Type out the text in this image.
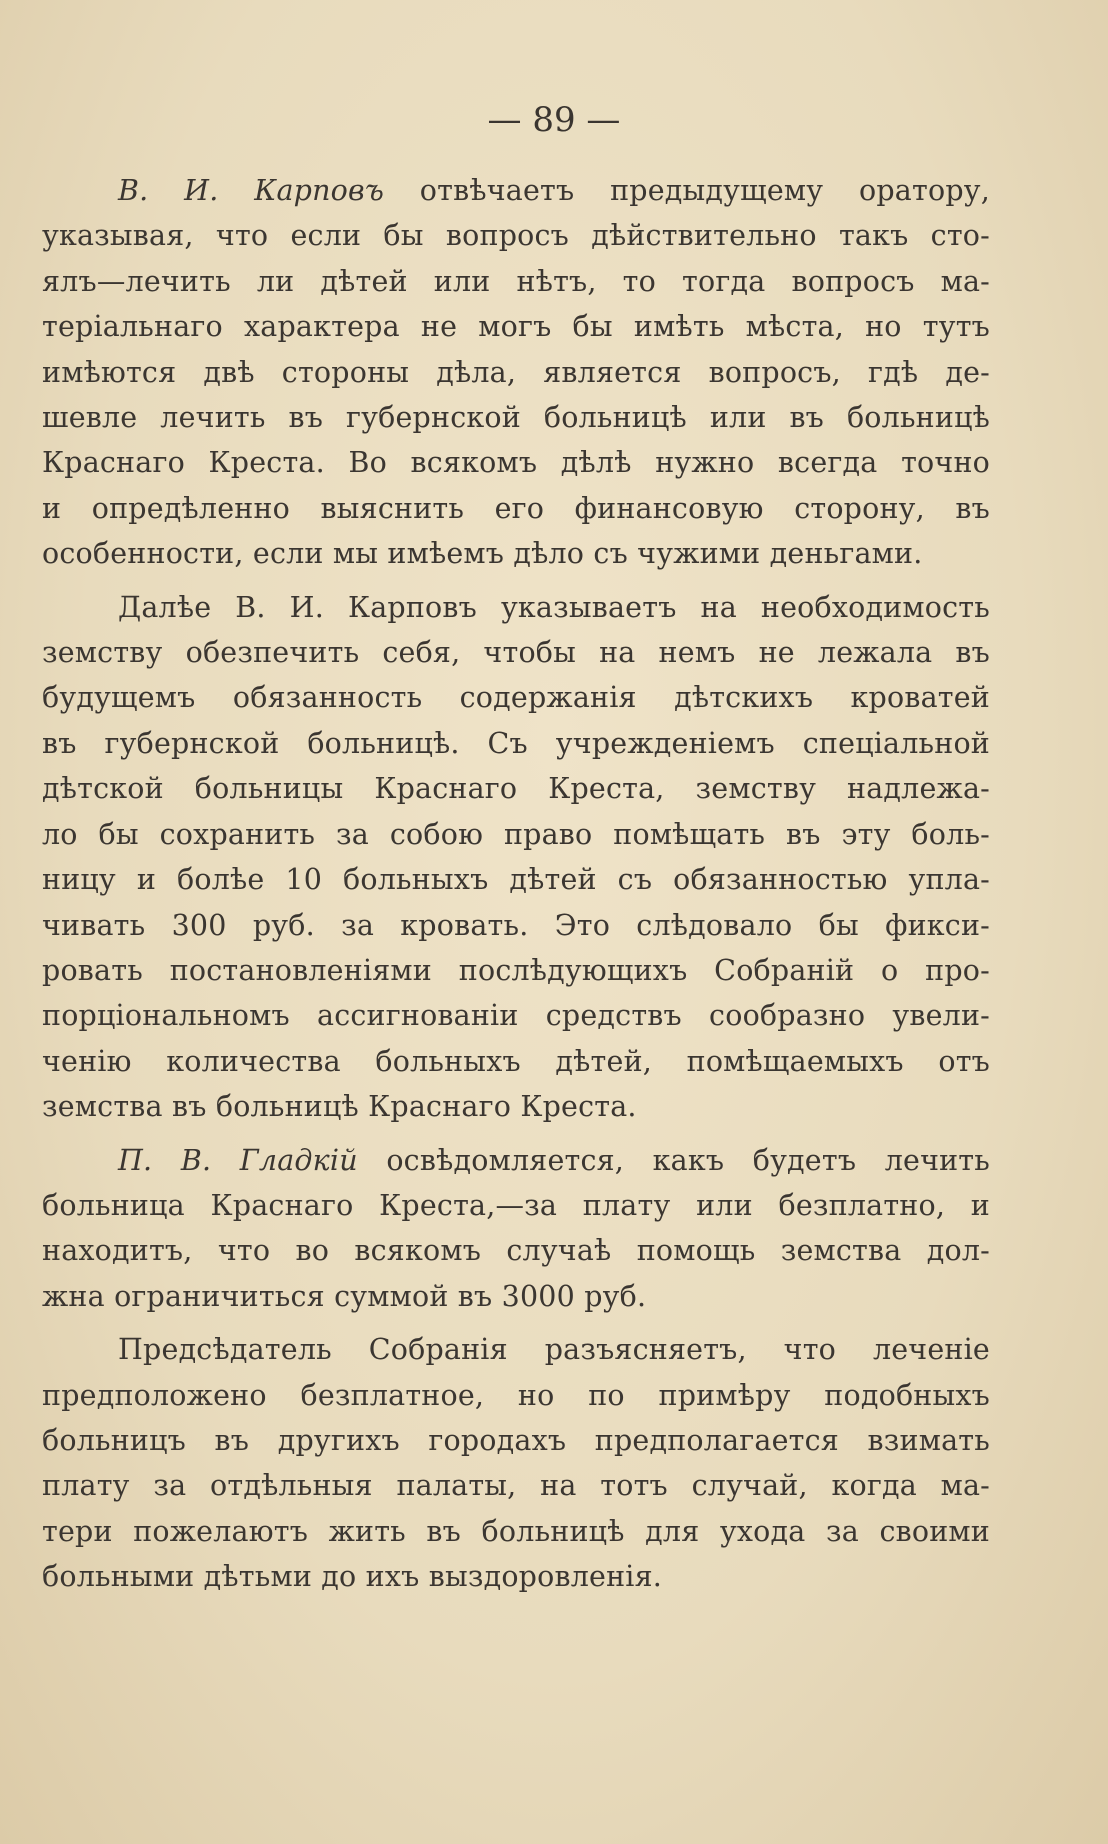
— 89 —
В. И. Карповъ отвѣчаетъ предыдущему оратору,
указывая, что если бы вопросъ дѣйствительно такъ сто-
ялъ—лечить ли дѣтей или нѣтъ, то тогда вопросъ ма-
теріальнаго характера не могъ бы имѣть мѣста, но тутъ
имѣются двѣ стороны дѣла, является вопросъ, гдѣ де-
шевле лечить въ губернской больницѣ или въ больницѣ
Краснаго Креста. Во всякомъ дѣлѣ нужно всегда точно
и опредѣленно выяснить его финансовую сторону, въ
особенности, если мы имѣемъ дѣло съ чужими деньгами.
Далѣе В. И. Карповъ указываетъ на необходимость
земству обезпечить себя, чтобы на немъ не лежала въ
будущемъ обязанность содержанія дѣтскихъ кроватей
въ губернской больницѣ. Съ учрежденіемъ спеціальной
дѣтской больницы Краснаго Креста, земству надлежа-
ло бы сохранить за собою право помѣщать въ эту боль-
ницу и болѣе 10 больныхъ дѣтей съ обязанностью упла-
чивать 300 руб. за кровать. Это слѣдовало бы фикси-
ровать постановленіями послѣдующихъ Собраній о про-
порціональномъ ассигнованіи средствъ сообразно увели-
ченію количества больныхъ дѣтей, помѣщаемыхъ отъ
земства въ больницѣ Краснаго Креста.
П. В. Гладкій освѣдомляется, какъ будетъ лечить
больница Краснаго Креста,—за плату или безплатно, и
находитъ, что во всякомъ случаѣ помощь земства дол-
жна ограничиться суммой въ 3000 руб.
Предсѣдатель Собранія разъясняетъ, что леченіе
предположено безплатное, но по примѣру подобныхъ
больницъ въ другихъ городахъ предполагается взимать
плату за отдѣльныя палаты, на тотъ случай, когда ма-
тери пожелаютъ жить въ больницѣ для ухода за своими
больными дѣтьми до ихъ выздоровленія.
